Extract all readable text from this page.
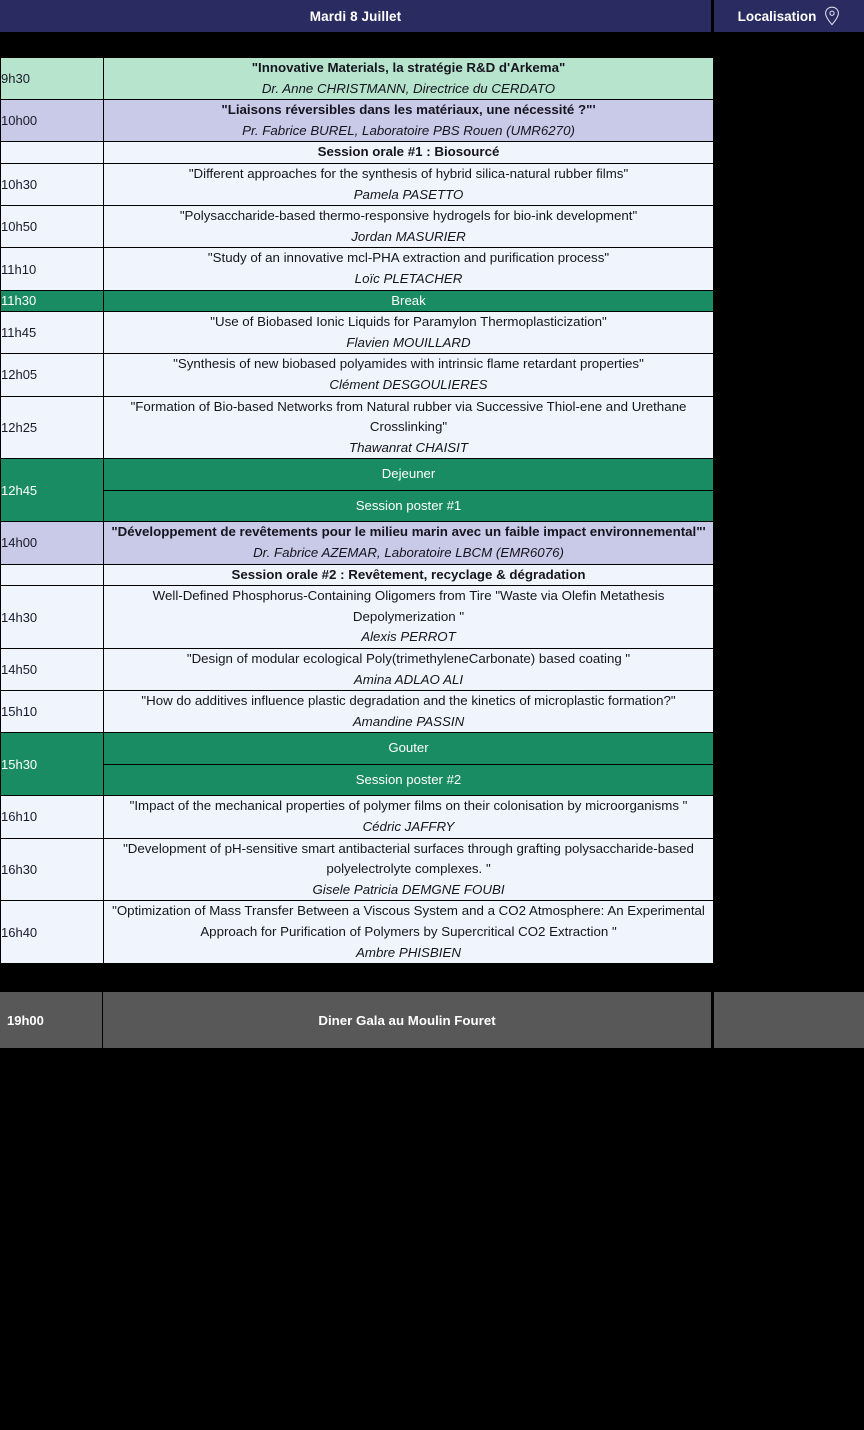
Mardi 8 Juillet	Localisation
9h30	"Innovative Materials, la stratégie R&D d'Arkema"
Dr. Anne CHRISTMANN, Directrice du CERDATO

10h00	"Liaisons réversibles dans les matériaux, une nécessité ?"'
Pr. Fabrice BUREL, Laboratoire PBS Rouen (UMR6270)

	Session orale #1 : Biosourcé
10h30	"Different approaches for the synthesis of hybrid silica-natural rubber films"
Pamela PASETTO

10h50	"Polysaccharide-based thermo-responsive hydrogels for bio-ink development"
Jordan MASURIER

11h10	"Study of an innovative mcl-PHA extraction and purification process"
Loïc PLETACHER

11h30	Break
11h45	"Use of Biobased Ionic Liquids for Paramylon Thermoplasticization"
Flavien MOUILLARD

12h05	"Synthesis of new biobased polyamides with intrinsic flame retardant properties"
Clément DESGOULIERES

12h25	"Formation of Bio-based Networks from Natural rubber via Successive Thiol-ene and Urethane Crosslinking"
Thawanrat CHAISIT

12h45	Dejeuner
Session poster #1

14h00	"Développement de revêtements pour le milieu marin avec un faible impact environnemental"'
Dr. Fabrice AZEMAR, Laboratoire LBCM (EMR6076)

	Session orale #2 : Revêtement, recyclage & dégradation
14h30	Well-Defined Phosphorus-Containing Oligomers from Tire "Waste via Olefin Metathesis Depolymerization "
Alexis PERROT

14h50	"Design of modular ecological Poly(trimethyleneCarbonate) based coating "
Amina ADLAO ALI

15h10	"How do additives influence plastic degradation and the kinetics of microplastic formation?"
Amandine PASSIN

15h30	Gouter
Session poster #2

16h10	"Impact of the mechanical properties of polymer films on their colonisation by microorganisms "
Cédric JAFFRY

16h30	"Development of pH-sensitive smart antibacterial surfaces through grafting polysaccharide-based polyelectrolyte complexes. "
Gisele Patricia DEMGNE FOUBI

16h40	"Optimization of Mass Transfer Between a Viscous System and a CO2 Atmosphere: An Experimental Approach for Purification of Polymers by Supercritical CO2 Extraction "
Ambre PHISBIEN
19h00	Diner Gala au Moulin Fouret
